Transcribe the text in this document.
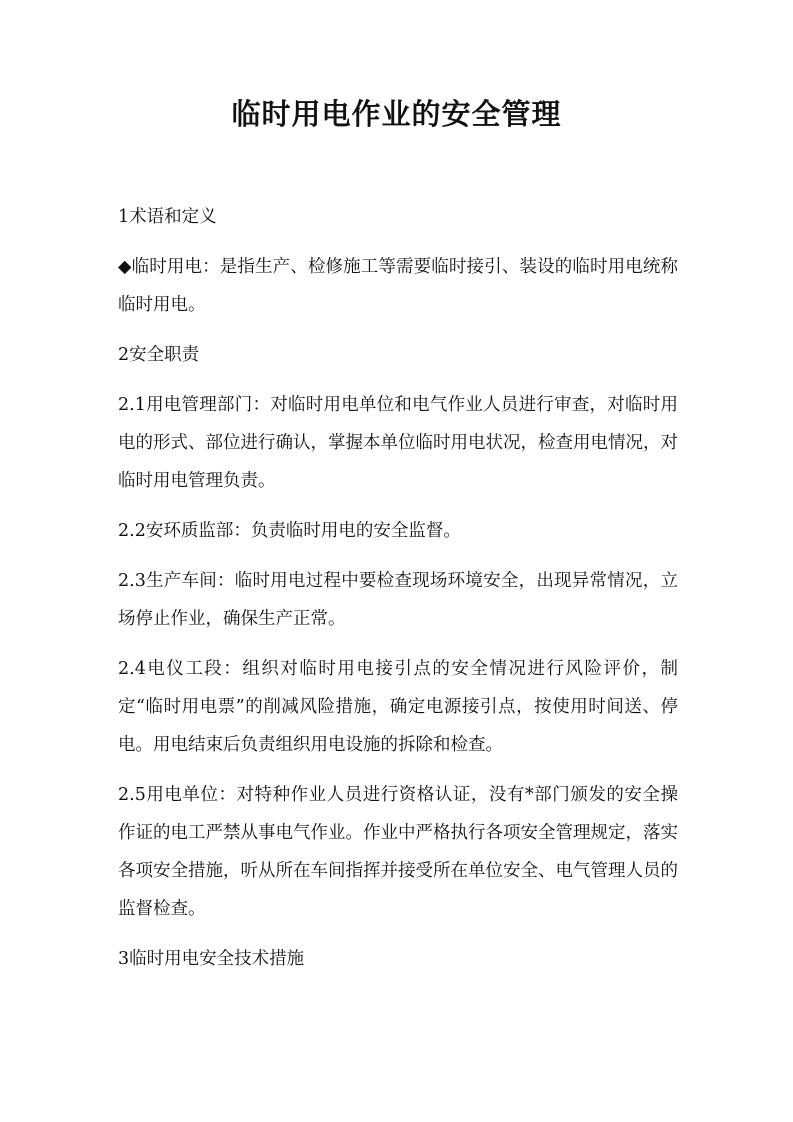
临时用电作业的安全管理

1术语和定义

◆临时用电：是指生产、检修施工等需要临时接引、装设的临时用电统称临时用电。

2安全职责

2.1用电管理部门：对临时用电单位和电气作业人员进行审查，对临时用电的形式、部位进行确认，掌握本单位临时用电状况，检查用电情况，对临时用电管理负责。

2.2安环质监部：负责临时用电的安全监督。

2.3生产车间：临时用电过程中要检查现场环境安全，出现异常情况，立场停止作业，确保生产正常。

2.4电仪工段：组织对临时用电接引点的安全情况进行风险评价，制定“临时用电票”的削减风险措施，确定电源接引点，按使用时间送、停电。用电结束后负责组织用电设施的拆除和检查。

2.5用电单位：对特种作业人员进行资格认证，没有*部门颁发的安全操作证的电工严禁从事电气作业。作业中严格执行各项安全管理规定，落实各项安全措施，听从所在车间指挥并接受所在单位安全、电气管理人员的监督检查。

3临时用电安全技术措施
